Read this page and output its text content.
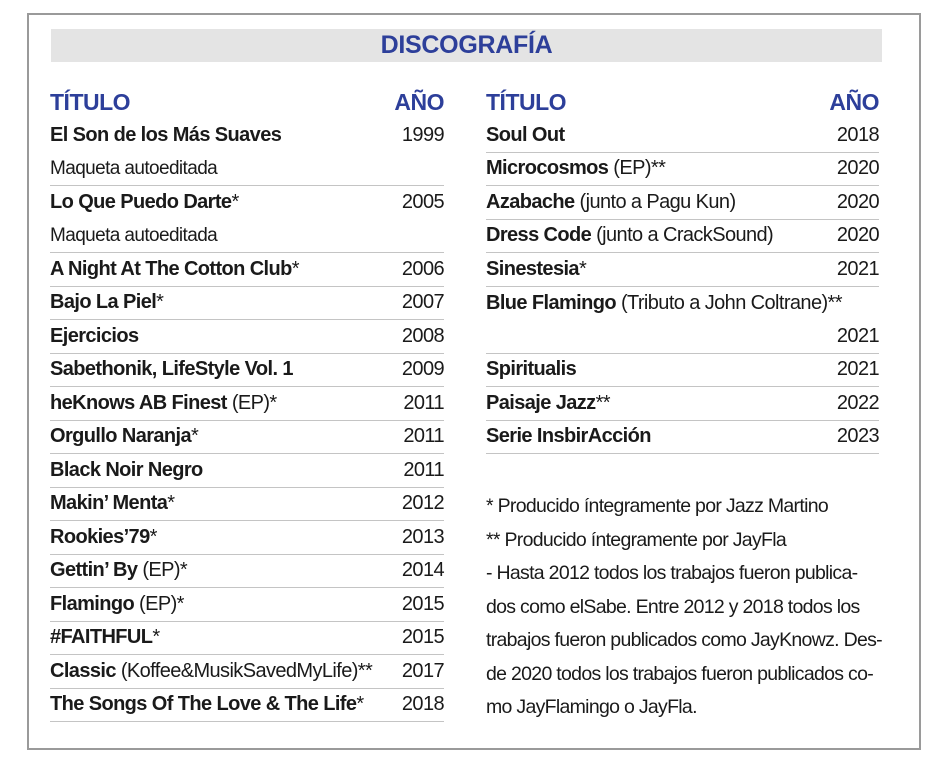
DISCOGRAFÍA
TÍTULO	AÑO
El Son de los Más Suaves	1999
Maqueta autoeditada
Lo Que Puedo Darte*	2005
Maqueta autoeditada
A Night At The Cotton Club*	2006
Bajo La Piel*	2007
Ejercicios	2008
Sabethonik, LifeStyle Vol. 1	2009
heKnows AB Finest (EP)*	2011
Orgullo Naranja*	2011
Black Noir Negro	2011
Makin’ Menta*	2012
Rookies’79*	2013
Gettin’ By (EP)*	2014
Flamingo (EP)*	2015
#FAITHFUL*	2015
Classic (Koffee&MusikSavedMyLife)** 2017
The Songs Of The Love & The Life* 2018
TÍTULO	AÑO
Soul Out	2018
Microcosmos (EP)**	2020
Azabache (junto a Pagu Kun)	2020
Dress Code (junto a CrackSound)	2020
Sinestesia*	2021
Blue Flamingo (Tributo a John Coltrane)**
2021
Spiritualis	2021
Paisaje Jazz**	2022
Serie InsbirAcción	2023
* Producido íntegramente por Jazz Martino
** Producido íntegramente por JayFla
- Hasta 2012 todos los trabajos fueron publica-
dos como elSabe. Entre 2012 y 2018 todos los
trabajos fueron publicados como JayKnowz. Des-
de 2020 todos los trabajos fueron publicados co-
mo JayFlamingo o JayFla.
